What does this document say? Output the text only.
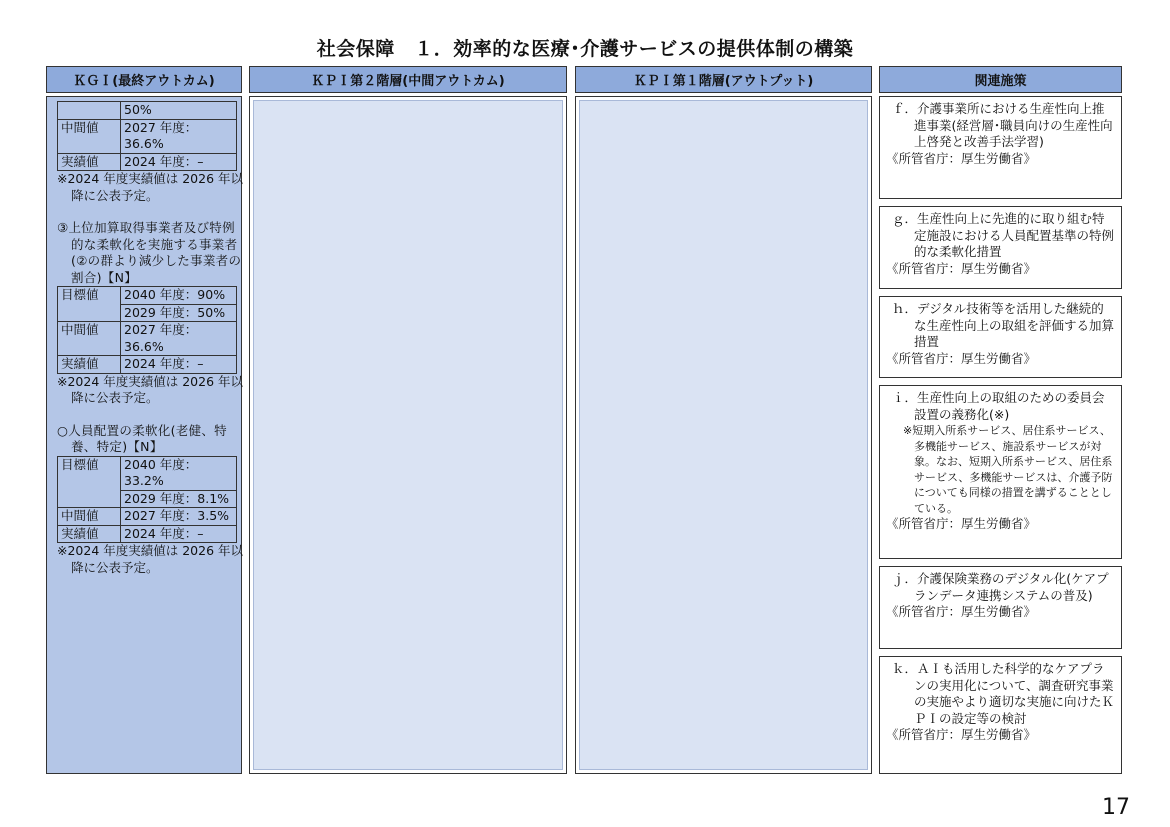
社会保障　１．効率的な医療･介護サービスの提供体制の構築
ＫＧＩ(最終アウトカム)	ＫＰＩ第２階層(中間アウトカム)	ＫＰＩ第１階層(アウトプット)	関連施策
	50%
中間値	2027 年度：36.6%
実績値	2024 年度：–

※2024 年度実績値は 2026 年以降に公表予定。

③上位加算取得事業者及び特例的な柔軟化を実施する事業者(②の群より減少した事業者の割合)【N】

目標値	2040 年度：90%
	2029 年度：50%
中間値	2027 年度：36.6%
実績値	2024 年度：–

※2024 年度実績値は 2026 年以降に公表予定。

○人員配置の柔軟化(老健、特養、特定)【N】

目標値	2040 年度：33.2%
	2029 年度：8.1%
中間値	2027 年度：3.5%
実績値	2024 年度：–

※2024 年度実績値は 2026 年以降に公表予定。

ｆ．介護事業所における生産性向上推進事業(経営層･職員向けの生産性向上啓発と改善手法学習)

《所管省庁：厚生労働省》

ｇ．生産性向上に先進的に取り組む特定施設における人員配置基準の特例的な柔軟化措置

《所管省庁：厚生労働省》

ｈ．デジタル技術等を活用した継続的な生産性向上の取組を評価する加算措置

《所管省庁：厚生労働省》

ｉ．生産性向上の取組のための委員会設置の義務化(※)

※短期入所系サービス、居住系サービス、多機能サービス、施設系サービスが対象。なお、短期入所系サービス、居住系サービス、多機能サービスは、介護予防についても同様の措置を講ずることとしている。

《所管省庁：厚生労働省》

ｊ．介護保険業務のデジタル化(ケアプランデータ連携システムの普及)

《所管省庁：厚生労働省》

ｋ．ＡＩも活用した科学的なケアプランの実用化について、調査研究事業の実施やより適切な実施に向けたＫＰＩの設定等の検討

《所管省庁：厚生労働省》

17
